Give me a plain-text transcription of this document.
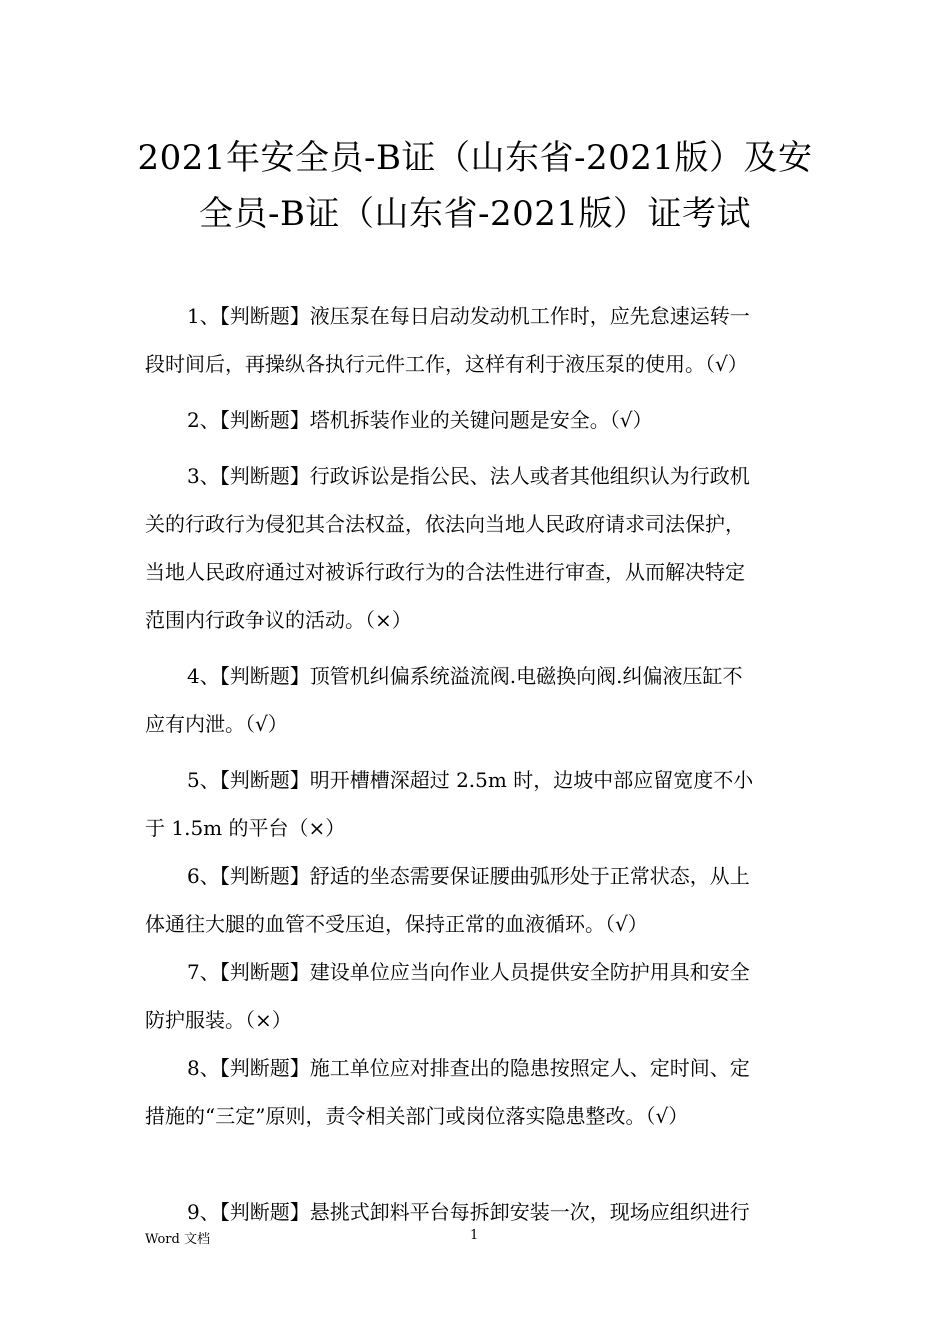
2021年安全员-B证（山东省-2021版）及安
全员-B证（山东省-2021版）证考试

1、【判断题】液压泵在每日启动发动机工作时，应先怠速运转一
段时间后，再操纵各执行元件工作，这样有利于液压泵的使用。（√）

2、【判断题】塔机拆装作业的关键问题是安全。（√）

3、【判断题】行政诉讼是指公民、法人或者其他组织认为行政机
关的行政行为侵犯其合法权益，依法向当地人民政府请求司法保护，
当地人民政府通过对被诉行政行为的合法性进行审查，从而解决特定
范围内行政争议的活动。（×）

4、【判断题】顶管机纠偏系统溢流阀.电磁换向阀.纠偏液压缸不
应有内泄。（√）

5、【判断题】明开槽槽深超过 2.5m 时，边坡中部应留宽度不小
于 1.5m 的平台（×）

6、【判断题】舒适的坐态需要保证腰曲弧形处于正常状态，从上
体通往大腿的血管不受压迫，保持正常的血液循环。（√）

7、【判断题】建设单位应当向作业人员提供安全防护用具和安全
防护服装。（×）

8、【判断题】施工单位应对排查出的隐患按照定人、定时间、定
措施的“三定”原则，责令相关部门或岗位落实隐患整改。（√）

9、【判断题】悬挑式卸料平台每拆卸安装一次，现场应组织进行

Word 文档	1
